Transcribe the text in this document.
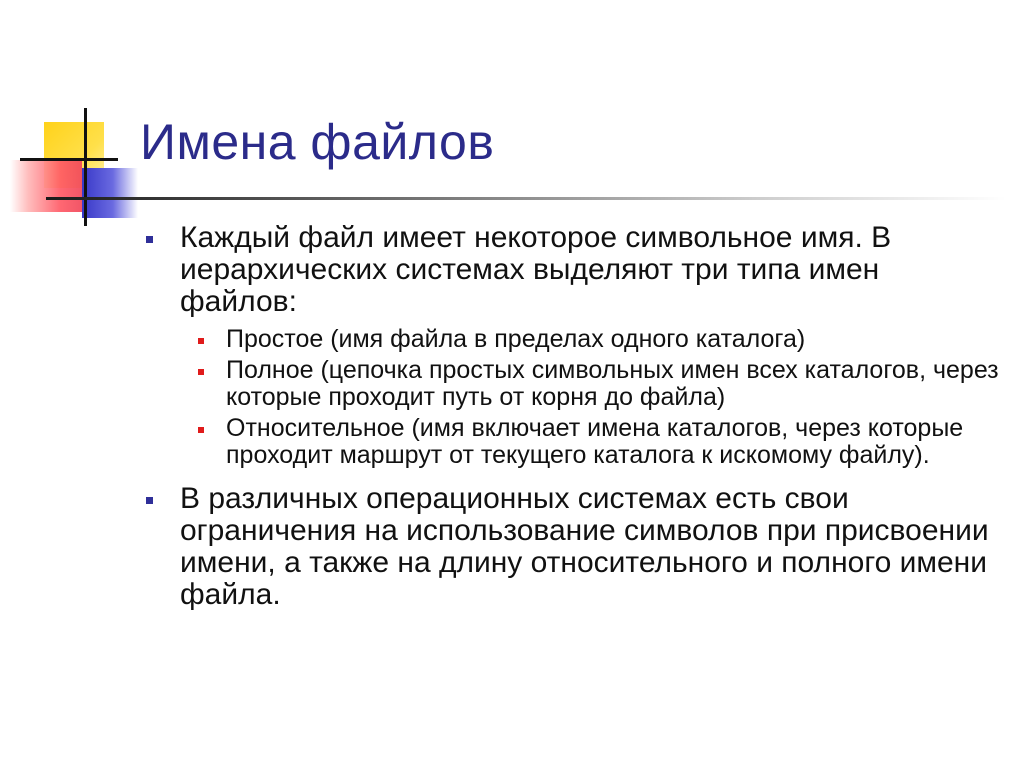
Имена файлов
Каждый файл имеет некоторое символьное имя. В иерархических системах выделяют три типа имен файлов:
Простое (имя файла в пределах одного каталога)
Полное (цепочка простых символьных имен всех каталогов, через которые проходит путь от корня до файла)
Относительное (имя включает имена каталогов, через которые проходит маршрут от текущего каталога к искомому файлу).
В различных операционных системах есть свои ограничения на использование символов при присвоении имени, а также на длину относительного и полного имени файла.
